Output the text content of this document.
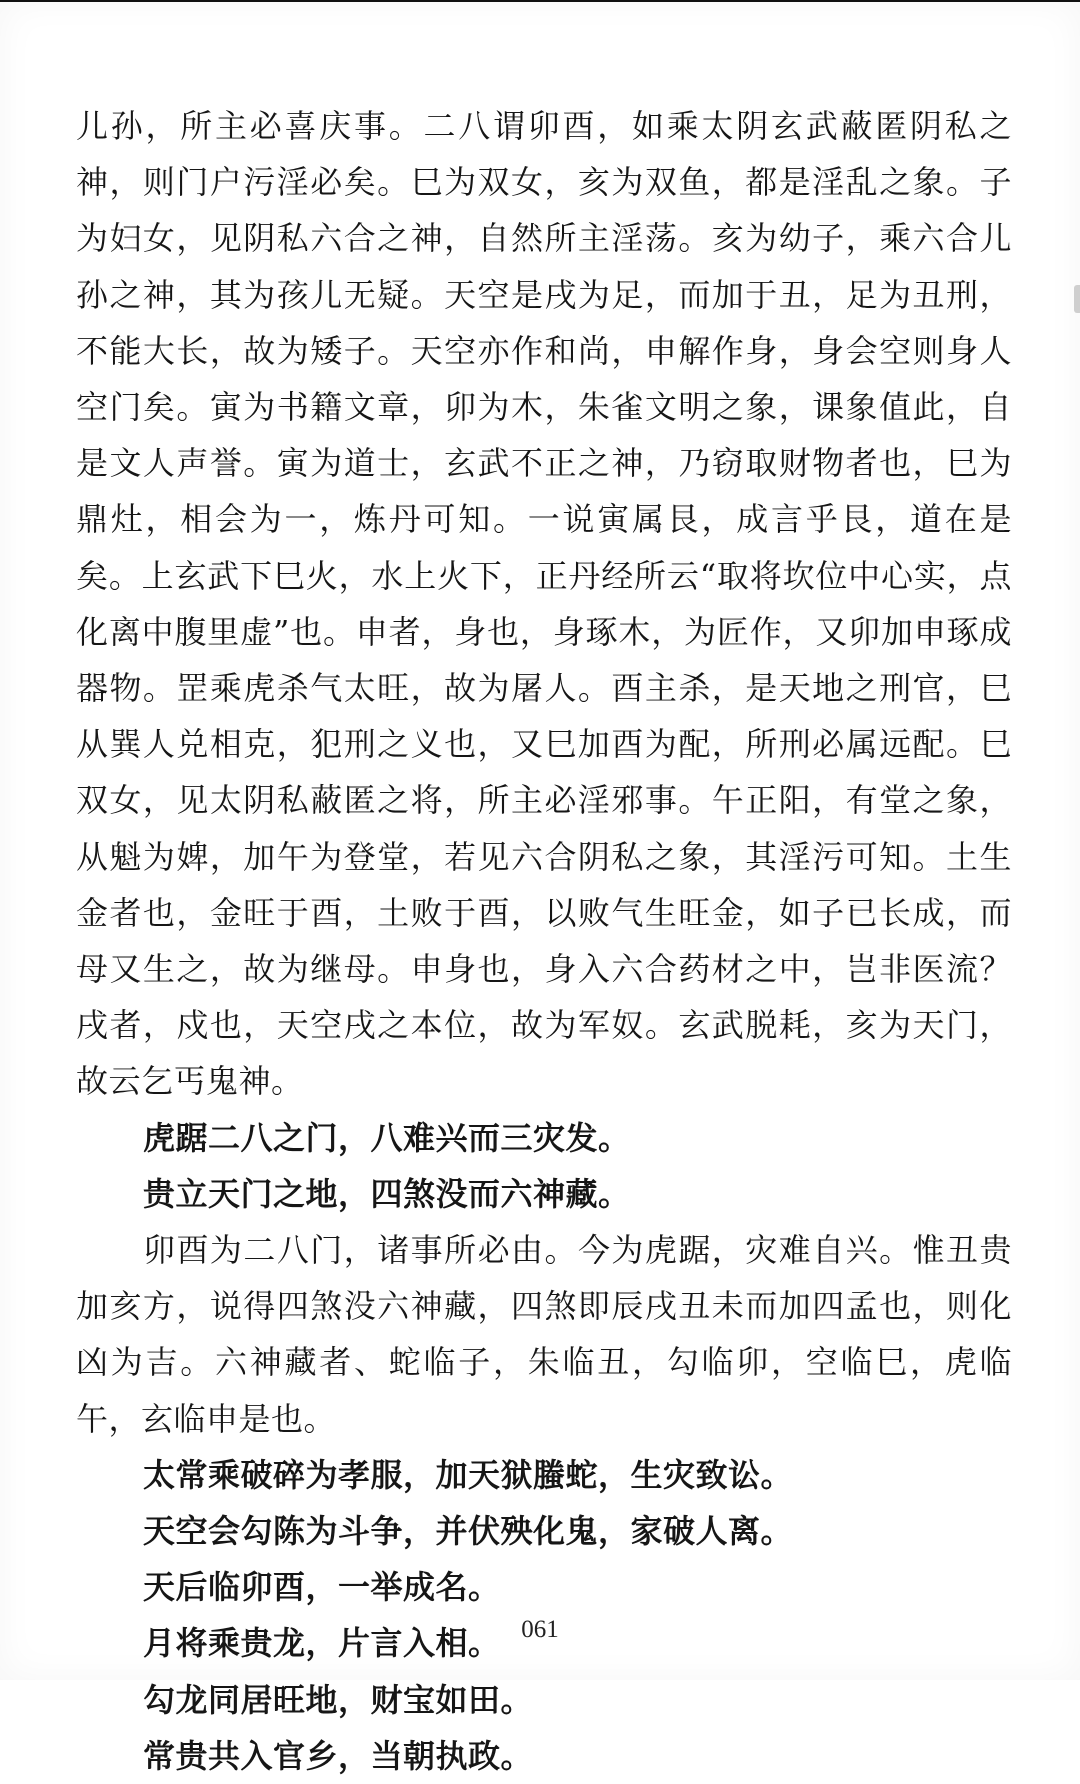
儿孙，所主必喜庆事。二八谓卯酉，如乘太阴玄武蔽匿阴私之神，则门户污淫必矣。巳为双女，亥为双鱼，都是淫乱之象。子为妇女，见阴私六合之神，自然所主淫荡。亥为幼子，乘六合儿孙之神，其为孩儿无疑。天空是戌为足，而加于丑，足为丑刑，不能大长，故为矮子。天空亦作和尚，申解作身，身会空则身人空门矣。寅为书籍文章，卯为木，朱雀文明之象，课象值此，自是文人声誉。寅为道士，玄武不正之神，乃窃取财物者也，巳为鼎灶，相会为一，炼丹可知。一说寅属艮，成言乎艮，道在是矣。上玄武下巳火，水上火下，正丹经所云“取将坎位中心实，点化离中腹里虚”也。申者，身也，身琢木，为匠作，又卯加申琢成器物。罡乘虎杀气太旺，故为屠人。酉主杀，是天地之刑官，巳从巽人兑相克，犯刑之义也，又巳加酉为配，所刑必属远配。巳双女，见太阴私蔽匿之将，所主必淫邪事。午正阳，有堂之象，从魁为婢，加午为登堂，若见六合阴私之象，其淫污可知。土生金者也，金旺于酉，土败于酉，以败气生旺金，如子已长成，而母又生之，故为继母。申身也，身入六合药材之中，岂非医流？戌者，戍也，天空戌之本位，故为军奴。玄武脱耗，亥为天门，故云乞丐鬼神。

虎踞二八之门，八难兴而三灾发。

贵立天门之地，四煞没而六神藏。

卯酉为二八门，诸事所必由。今为虎踞，灾难自兴。惟丑贵加亥方，说得四煞没六神藏，四煞即辰戌丑未而加四孟也，则化凶为吉。六神藏者、蛇临子，朱临丑，勾临卯，空临巳，虎临午，玄临申是也。

太常乘破碎为孝服，加天狱螣蛇，生灾致讼。

天空会勾陈为斗争，并伏殃化鬼，家破人离。

天后临卯酉，一举成名。

月将乘贵龙，片言入相。

勾龙同居旺地，财宝如田。

常贵共入官乡，当朝执政。

061
